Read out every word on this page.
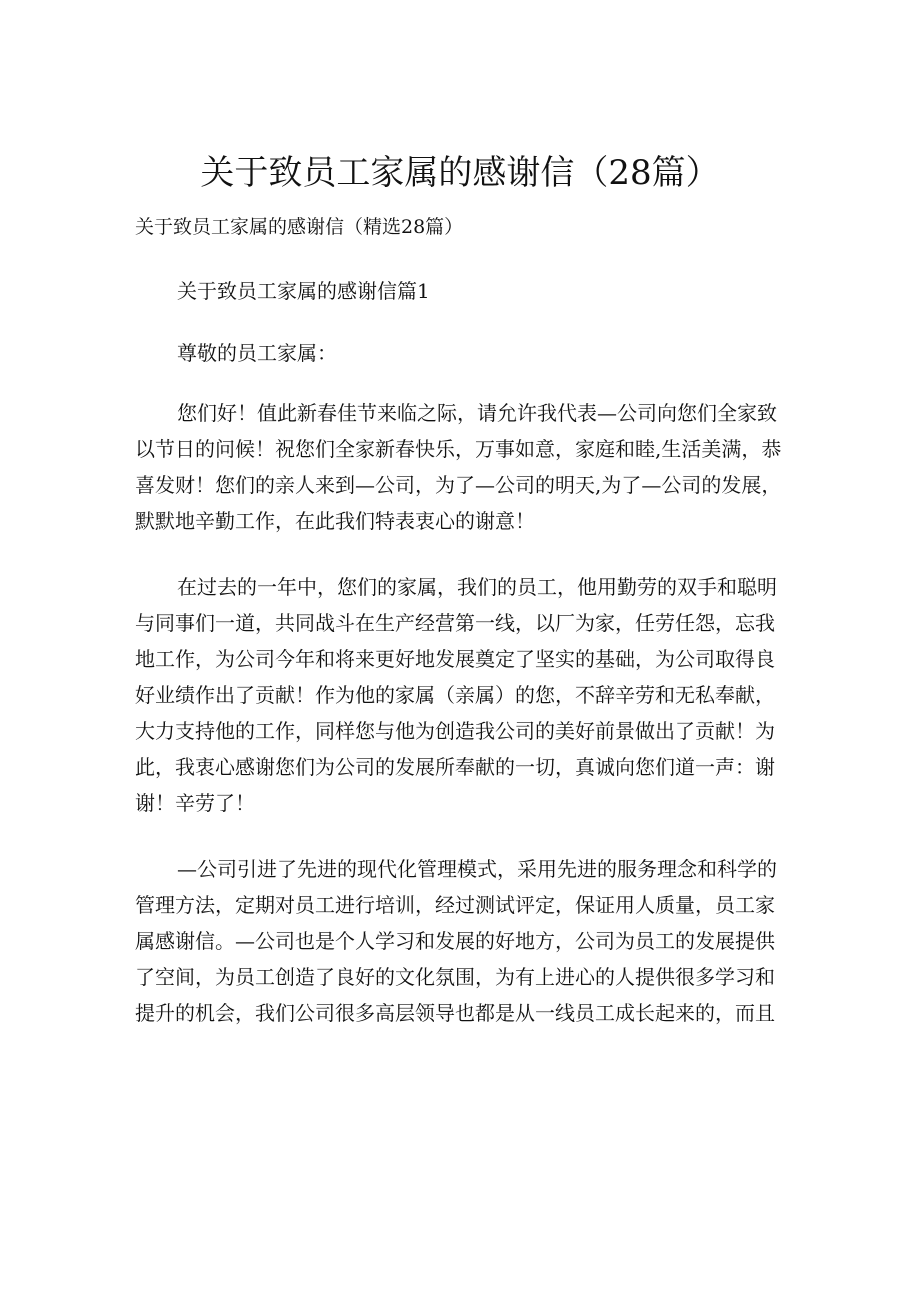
关于致员工家属的感谢信（28篇）
关于致员工家属的感谢信（精选28篇）
关于致员工家属的感谢信篇1
尊敬的员工家属：
您们好！值此新春佳节来临之际，请允许我代表—公司向您们全家致
以节日的问候！祝您们全家新春快乐，万事如意，家庭和睦,生活美满，恭
喜发财！您们的亲人来到—公司，为了—公司的明天,为了—公司的发展，
默默地辛勤工作，在此我们特表衷心的谢意！
在过去的一年中，您们的家属，我们的员工，他用勤劳的双手和聪明
与同事们一道，共同战斗在生产经营第一线，以厂为家，任劳任怨，忘我
地工作，为公司今年和将来更好地发展奠定了坚实的基础，为公司取得良
好业绩作出了贡献！作为他的家属（亲属）的您，不辞辛劳和无私奉献，
大力支持他的工作，同样您与他为创造我公司的美好前景做出了贡献！为
此，我衷心感谢您们为公司的发展所奉献的一切，真诚向您们道一声：谢
谢！辛劳了！
—公司引进了先进的现代化管理模式，采用先进的服务理念和科学的
管理方法，定期对员工进行培训，经过测试评定，保证用人质量，员工家
属感谢信。—公司也是个人学习和发展的好地方，公司为员工的发展提供
了空间，为员工创造了良好的文化氛围，为有上进心的人提供很多学习和
提升的机会，我们公司很多高层领导也都是从一线员工成长起来的，而且
